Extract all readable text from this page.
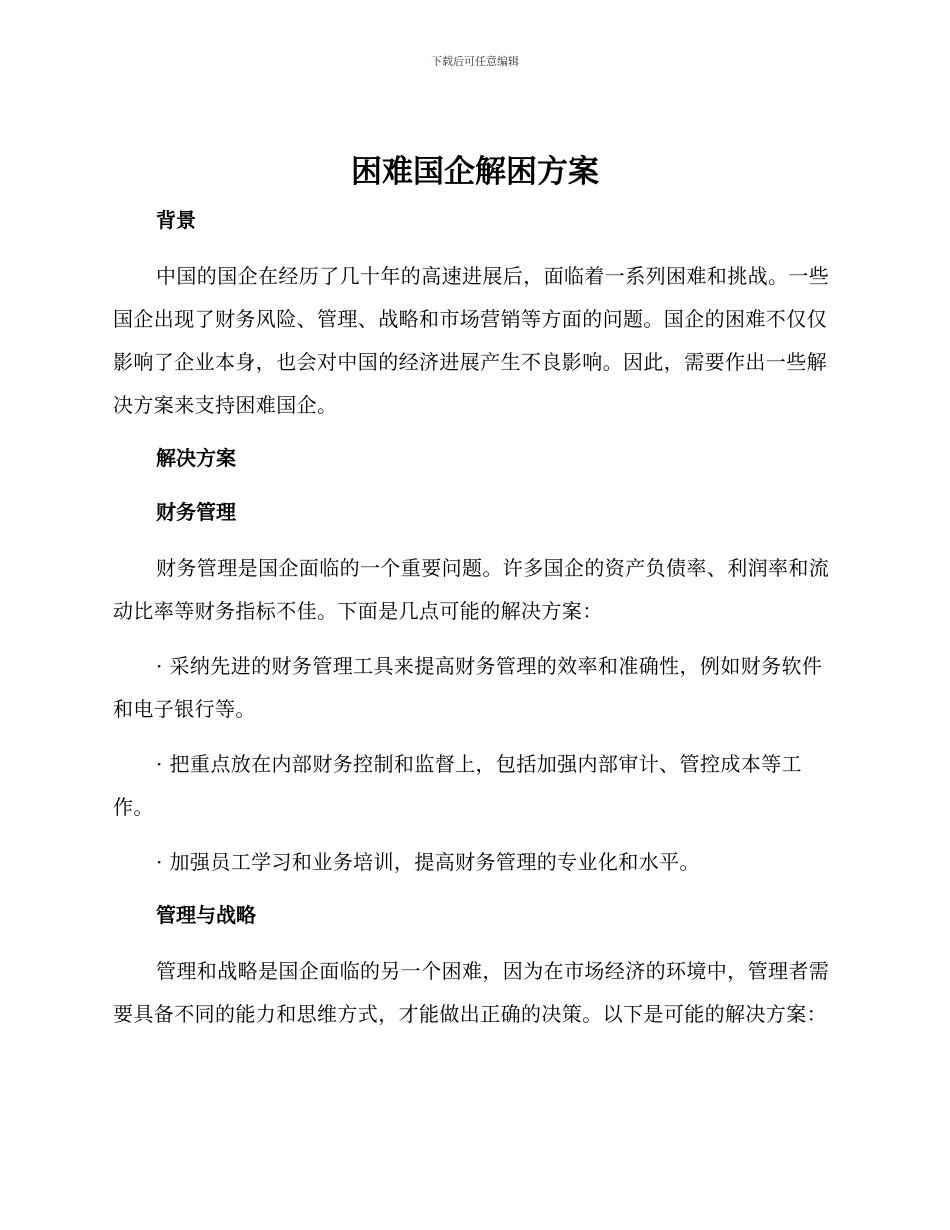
下载后可任意编辑
困难国企解困方案
背景

中国的国企在经历了几十年的高速进展后，面临着一系列困难和挑战。一些国企出现了财务风险、管理、战略和市场营销等方面的问题。国企的困难不仅仅影响了企业本身，也会对中国的经济进展产生不良影响。因此，需要作出一些解决方案来支持困难国企。

解决方案
财务管理

财务管理是国企面临的一个重要问题。许多国企的资产负债率、利润率和流动比率等财务指标不佳。下面是几点可能的解决方案：

· 采纳先进的财务管理工具来提高财务管理的效率和准确性，例如财务软件和电子银行等。

· 把重点放在内部财务控制和监督上，包括加强内部审计、管控成本等工作。

· 加强员工学习和业务培训，提高财务管理的专业化和水平。

管理与战略

管理和战略是国企面临的另一个困难，因为在市场经济的环境中，管理者需要具备不同的能力和思维方式，才能做出正确的决策。以下是可能的解决方案：
